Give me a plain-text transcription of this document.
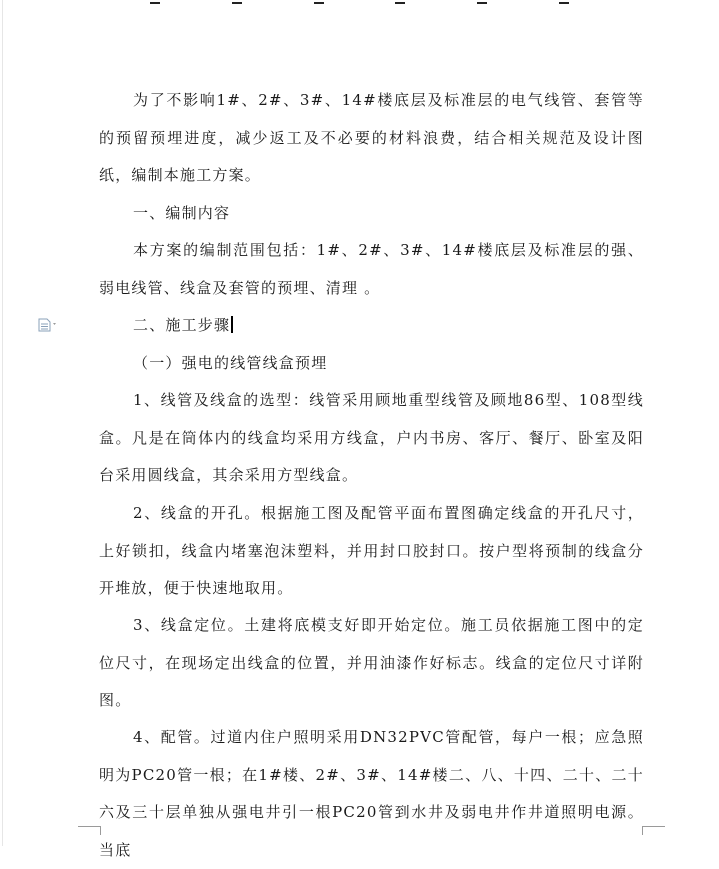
为了不影响1#、2#、3#、14#楼底层及标准层的电气线管、套管等的预留预埋进度，减少返工及不必要的材料浪费，结合相关规范及设计图纸，编制本施工方案。

一、编制内容

本方案的编制范围包括：1#、2#、3#、14#楼底层及标准层的强、弱电线管、线盒及套管的预埋、清理 。

二、施工步骤
（一）强电的线管线盒预埋

1、线管及线盒的选型：线管采用顾地重型线管及顾地86型、108型线盒。凡是在筒体内的线盒均采用方线盒，户内书房、客厅、餐厅、卧室及阳台采用圆线盒，其余采用方型线盒。

2、线盒的开孔。根据施工图及配管平面布置图确定线盒的开孔尺寸，上好锁扣，线盒内堵塞泡沫塑料，并用封口胶封口。按户型将预制的线盒分开堆放，便于快速地取用。

3、线盒定位。土建将底模支好即开始定位。施工员依据施工图中的定位尺寸，在现场定出线盒的位置，并用油漆作好标志。线盒的定位尺寸详附图。

4、配管。过道内住户照明采用DN32PVC管配管，每户一根；应急照明为PC20管一根；在1#楼、2#、3#、14#楼二、八、十四、二十、二十六及三十层单独从强电井引一根PC20管到水井及弱电井作井道照明电源。当底
